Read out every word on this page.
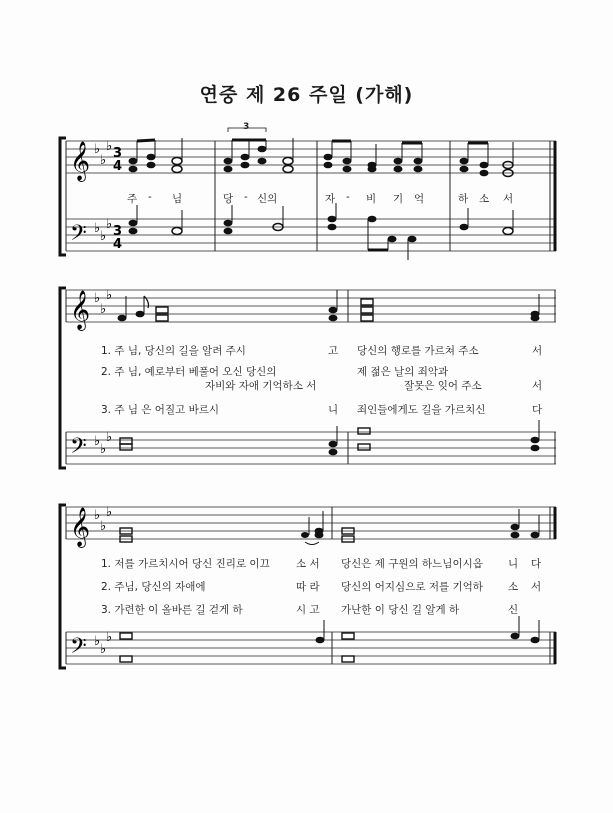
연중 제 26 주일 (가해)
𝄞
𝄢
♭
♭
♭
♭
♭
♭
3
4
3
4
𝄞
𝄢
♭
♭
♭
♭
♭
♭
𝄞
𝄢
♭
♭
♭
♭
♭
♭
주 - 님	당 - 신의	자 - 비 기 억	하 소 서
1. 주 님, 당신의 길을 알려 주시	고 당신의 행로를 가르쳐 주소	서
2. 주 님, 예로부터 베풀어 오신 당신의	제 젊은 날의 죄악과
자비와 자애 기억하소 서	잘못은 잊어 주소	서
3. 주 님 은 어질고 바르시	니 죄인들에게도 길을 가르치신	다
1. 저를 가르치시어 당신 진리로 이끄	소 서 당신은 제 구원의 하느님이시옵 니 다
2. 주님, 당신의 자애에	따 라 당신의 어지심으로 저를 기억하 소 서
3. 가련한 이 올바른 길 걷게 하	시 고 가난한 이 당신 길 알게 하	신
3
